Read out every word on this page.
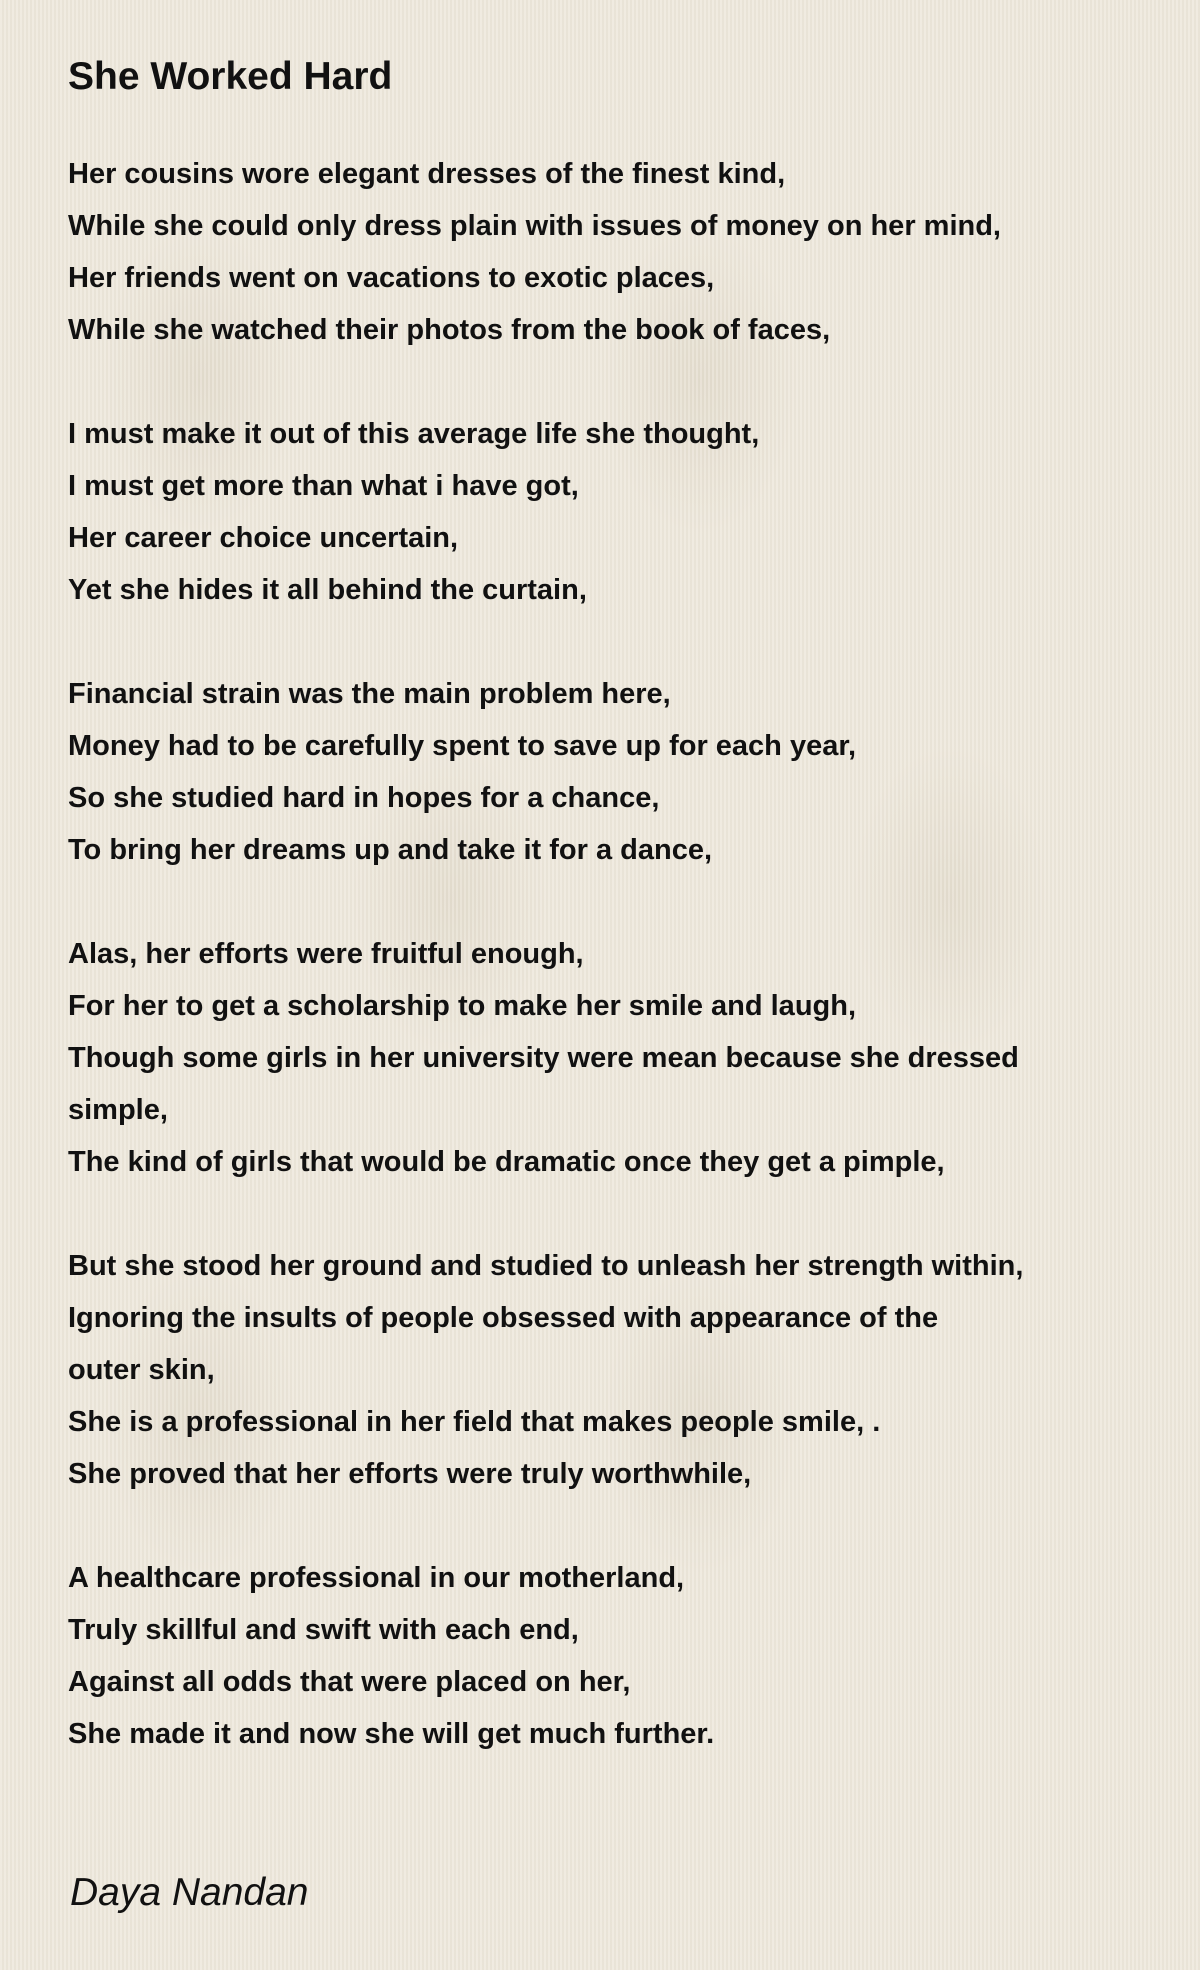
She Worked Hard

Her cousins wore elegant dresses of the finest kind,
While she could only dress plain with issues of money on her mind,
Her friends went on vacations to exotic places,
While she watched their photos from the book of faces,

I must make it out of this average life she thought,
I must get more than what i have got,
Her career choice uncertain,
Yet she hides it all behind the curtain,

Financial strain was the main problem here,
Money had to be carefully spent to save up for each year,
So she studied hard in hopes for a chance,
To bring her dreams up and take it for a dance,

Alas, her efforts were fruitful enough,
For her to get a scholarship to make her smile and laugh,
Though some girls in her university were mean because she dressed
simple,
The kind of girls that would be dramatic once they get a pimple,

But she stood her ground and studied to unleash her strength within,
Ignoring the insults of people obsessed with appearance of the
outer skin,
She is a professional in her field that makes people smile, .
She proved that her efforts were truly worthwhile,

A healthcare professional in our motherland,
Truly skillful and swift with each end,
Against all odds that were placed on her,
She made it and now she will get much further.

Daya Nandan
